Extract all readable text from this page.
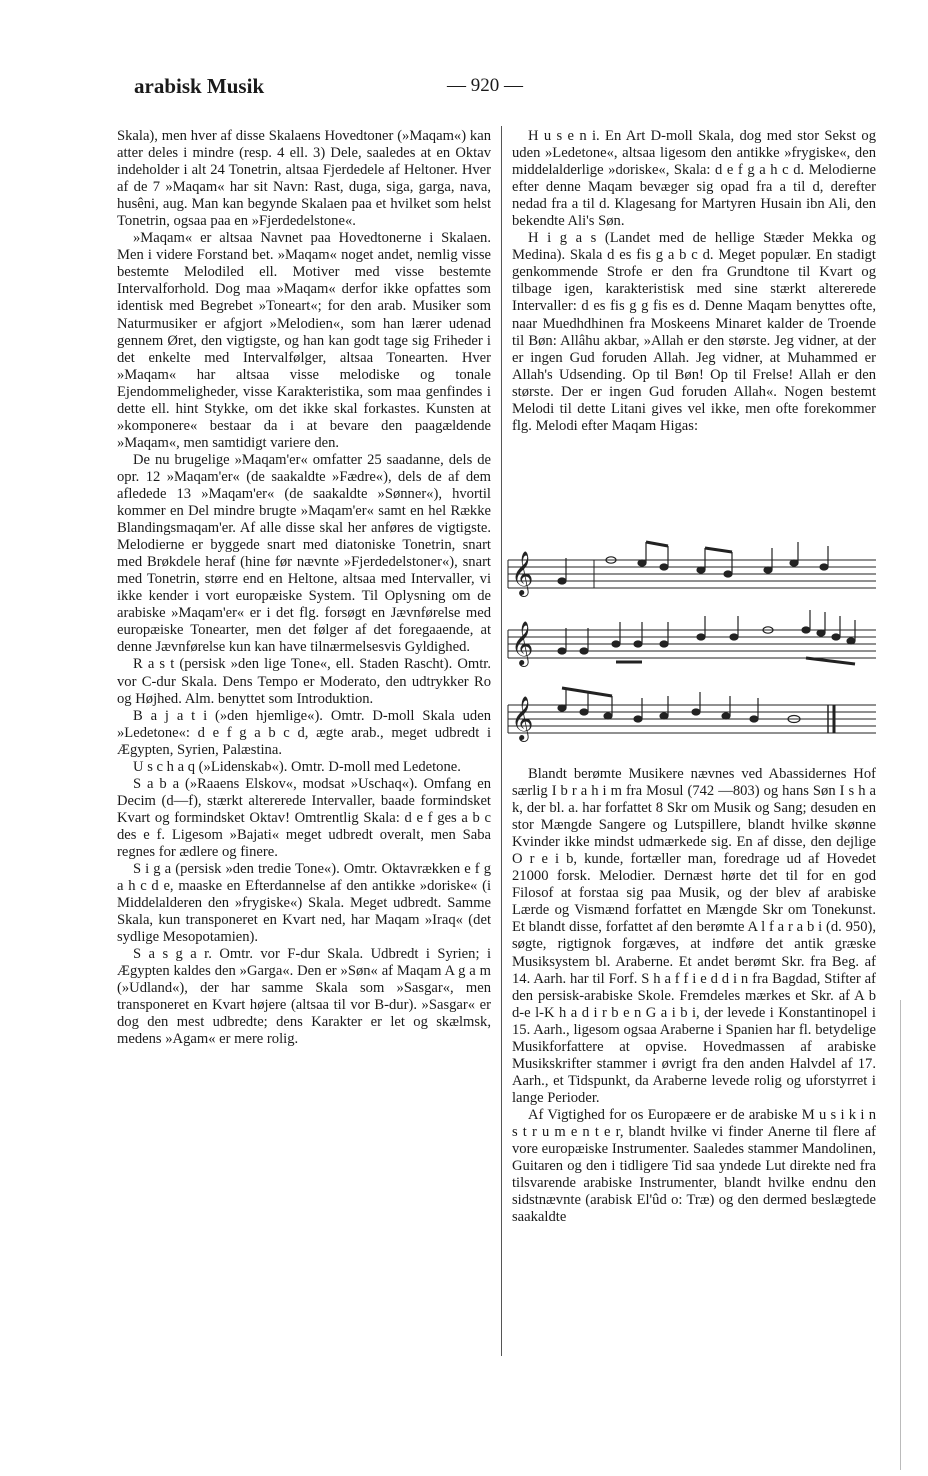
arabisk Musik	— 920 —

Skala), men hver af disse Skalaens Hovedtoner (»Maqam«) kan atter deles i mindre (resp. 4 ell. 3) Dele, saaledes at en Oktav indeholder i alt 24 Tonetrin, altsaa Fjerdedele af Heltoner. Hver af de 7 »Maqam« har sit Navn: Rast, duga, siga, garga, nava, husêni, aug. Man kan begynde Skalaen paa et hvilket som helst Tonetrin, ogsaa paa en »Fjerdedelstone«.

»Maqam« er altsaa Navnet paa Hovedtonerne i Skalaen. Men i videre Forstand bet. »Maqam« noget andet, nemlig visse bestemte Melodiled ell. Motiver med visse bestemte Intervalforhold. Dog maa »Maqam« derfor ikke opfattes som identisk med Begrebet »Toneart«; for den arab. Musiker som Naturmusiker er afgjort »Melodien«, som han lærer udenad gennem Øret, den vigtigste, og han kan godt tage sig Friheder i det enkelte med Intervalfølger, altsaa Tonearten. Hver »Maqam« har altsaa visse melodiske og tonale Ejendommeligheder, visse Karakteristika, som maa genfindes i dette ell. hint Stykke, om det ikke skal forkastes. Kunsten at »komponere« bestaar da i at bevare den paagældende »Maqam«, men samtidigt variere den.

De nu brugelige »Maqam'er« omfatter 25 saadanne, dels de opr. 12 »Maqam'er« (de saakaldte »Fædre«), dels de af dem afledede 13 »Maqam'er« (de saakaldte »Sønner«), hvortil kommer en Del mindre brugte »Maqam'er« samt en hel Række Blandingsmaqam'er. Af alle disse skal her anføres de vigtigste. Melodierne er byggede snart med diatoniske Tonetrin, snart med Brøkdele heraf (hine før nævnte »Fjerdedelstoner«), snart med Tonetrin, større end en Heltone, altsaa med Intervaller, vi ikke kender i vort europæiske System. Til Oplysning om de arabiske »Maqam'er« er i det flg. forsøgt en Jævnførelse med europæiske Tonearter, men det følger af det foregaaende, at denne Jævnførelse kun kan have tilnærmelsesvis Gyldighed.

R a s t (persisk »den lige Tone«, ell. Staden Rascht). Omtr. vor C-dur Skala. Dens Tempo er Moderato, den udtrykker Ro og Højhed. Alm. benyttet som Introduktion.

B a j a t i (»den hjemlige«). Omtr. D-moll Skala uden »Ledetone«: d e f g a b c d, ægte arab., meget udbredt i Ægypten, Syrien, Palæstina.

U s c h a q (»Lidenskab«). Omtr. D-moll med Ledetone.

S a b a (»Raaens Elskov«, modsat »Uschaq«). Omfang en Decim (d—f), stærkt altererede Intervaller, baade formindsket Kvart og formindsket Oktav! Omtrentlig Skala: d e f ges a b c des e f. Ligesom »Bajati« meget udbredt overalt, men Saba regnes for ædlere og finere.

S i g a (persisk »den tredie Tone«). Omtr. Oktavrækken e f g a h c d e, maaske en Efterdannelse af den antikke »doriske« (i Middelalderen den »frygiske«) Skala. Meget udbredt. Samme Skala, kun transponeret en Kvart ned, har Maqam »Iraq« (det sydlige Mesopotamien).

S a s g a r. Omtr. vor F-dur Skala. Udbredt i Syrien; i Ægypten kaldes den »Garga«. Den er »Søn« af Maqam A g a m (»Udland«), der har samme Skala som »Sasgar«, men transponeret en Kvart højere (altsaa til vor B-dur). »Sasgar« er dog den mest udbredte; dens Karakter er let og skælmsk, medens »Agam« er mere rolig.

H u s e n i. En Art D-moll Skala, dog med stor Sekst og uden »Ledetone«, altsaa ligesom den antikke »frygiske«, den middelalderlige »doriske«, Skala: d e f g a h c d. Melodierne efter denne Maqam bevæger sig opad fra a til d, derefter nedad fra a til d. Klagesang for Martyren Husain ibn Ali, den bekendte Ali's Søn.

H i g a s (Landet med de hellige Stæder Mekka og Medina). Skala d es fis g a b c d. Meget populær. En stadigt genkommende Strofe er den fra Grundtone til Kvart og tilbage igen, karakteristisk med sine stærkt altererede Intervaller: d es fis g g fis es d. Denne Maqam benyttes ofte, naar Muedhdhinen fra Moskeens Minaret kalder de Troende til Bøn: Allâhu akbar, »Allah er den største. Jeg vidner, at der er ingen Gud foruden Allah. Jeg vidner, at Muhammed er Allah's Udsending. Op til Bøn! Op til Frelse! Allah er den største. Der er ingen Gud foruden Allah«. Nogen bestemt Melodi til dette Litani gives vel ikke, men ofte forekommer flg. Melodi efter Maqam Higas:

𝄞
𝄞
𝄞

Blandt berømte Musikere nævnes ved Abassidernes Hof særlig I b r a h i m fra Mosul (742 —803) og hans Søn I s h a k, der bl. a. har forfattet 8 Skr om Musik og Sang; desuden en stor Mængde Sangere og Lutspillere, blandt hvilke skønne Kvinder ikke mindst udmærkede sig. En af disse, den dejlige O r e i b, kunde, fortæller man, foredrage ud af Hovedet 21000 forsk. Melodier. Dernæst hørte det til for en god Filosof at forstaa sig paa Musik, og der blev af arabiske Lærde og Vismænd forfattet en Mængde Skr om Tonekunst. Et blandt disse, forfattet af den berømte A l f a r a b i (d. 950), søgte, rigtignok forgæves, at indføre det antik græske Musiksystem bl. Araberne. Et andet berømt Skr. fra Beg. af 14. Aarh. har til Forf. S h a f f i e d d i n fra Bagdad, Stifter af den persisk-arabiske Skole. Fremdeles mærkes et Skr. af A b d-e l-K h a d i r b e n G a i b i, der levede i Konstantinopel i 15. Aarh., ligesom ogsaa Araberne i Spanien har fl. betydelige Musikforfattere at opvise. Hovedmassen af arabiske Musikskrifter stammer i øvrigt fra den anden Halvdel af 17. Aarh., et Tidspunkt, da Araberne levede rolig og uforstyrret i lange Perioder.

Af Vigtighed for os Europæere er de arabiske M u s i k i n s t r u m e n t e r, blandt hvilke vi finder Anerne til flere af vore europæiske Instrumenter. Saaledes stammer Mandolinen, Guitaren og den i tidligere Tid saa yndede Lut direkte ned fra tilsvarende arabiske Instrumenter, blandt hvilke endnu den sidstnævnte (arabisk El'ûd o: Træ) og den dermed beslægtede saakaldte
